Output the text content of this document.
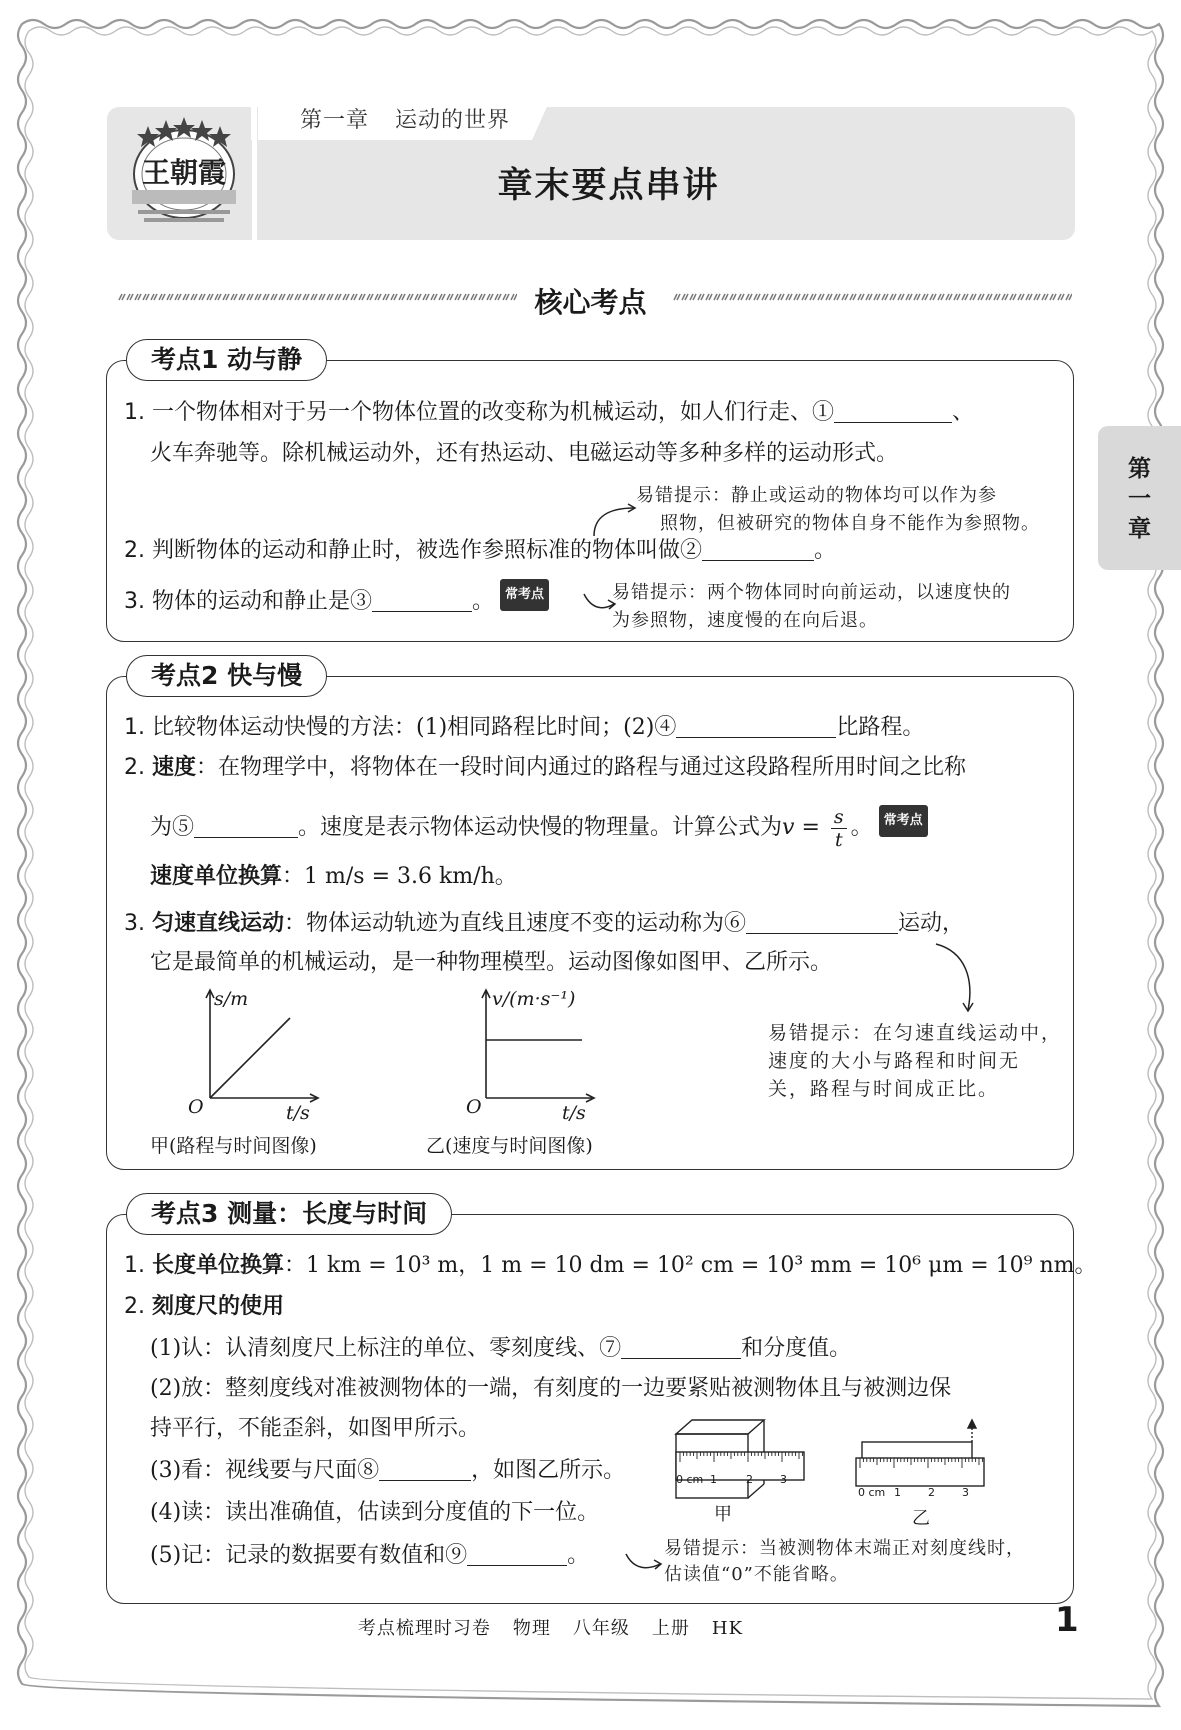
王朝霞
第一章 运动的世界
章末要点串讲
核心考点
第
一
章
考点1 动与静
1. 一个物体相对于另一个物体位置的改变称为机械运动，如人们行走、①	、
火车奔驰等。除机械运动外，还有热运动、电磁运动等多种多样的运动形式。
易错提示：静止或运动的物体均可以作为参
照物，但被研究的物体自身不能作为参照物。
2. 判断物体的运动和静止时，被选作参照标准的物体叫做②	。
3. 物体的运动和静止是③	。 常考点	易错提示：两个物体同时向前运动，以速度快的
为参照物，速度慢的在向后退。
考点2 快与慢
1. 比较物体运动快慢的方法：(1)相同路程比时间；(2)④	比路程。
2. 速度：在物理学中，将物体在一段时间内通过的路程与通过这段路程所用时间之比称
为⑤	。速度是表示物体运动快慢的物理量。计算公式为$v = \frac{s}{t}$ 。 常考点
速度单位换算：1 m/s = 3.6 km/h。
3. 匀速直线运动：物体运动轨迹为直线且速度不变的运动称为⑥	运动，
它是最简单的机械运动，是一种物理模型。运动图像如图甲、乙所示。
s/m
O	t/s
甲(路程与时间图像)
v/(m·s⁻¹)
O	t/s
乙(速度与时间图像)
易错提示：在匀速直线运动中，
速度的大小与路程和时间无
关，路程与时间成正比。
考点3 测量：长度与时间
1. 长度单位换算：1 km = 10³ m，1 m = 10 dm = 10² cm = 10³ mm = 10⁶ μm = 10⁹ nm。
2. 刻度尺的使用
(1)认：认清刻度尺上标注的单位、零刻度线、⑦	和分度值。
(2)放：整刻度线对准被测物体的一端，有刻度的一边要紧贴被测物体且与被测边保
持平行，不能歪斜，如图甲所示。
(3)看：视线要与尺面⑧	，如图乙所示。
(4)读：读出准确值，估读到分度值的下一位。
(5)记：记录的数据要有数值和⑨	。
0 cm 1	2 3
甲
0 cm 1 2 3
乙
易错提示：当被测物体末端正对刻度线时，
估读值“0”不能省略。
考点梳理时习卷 物理 八年级 上册 HK	1
